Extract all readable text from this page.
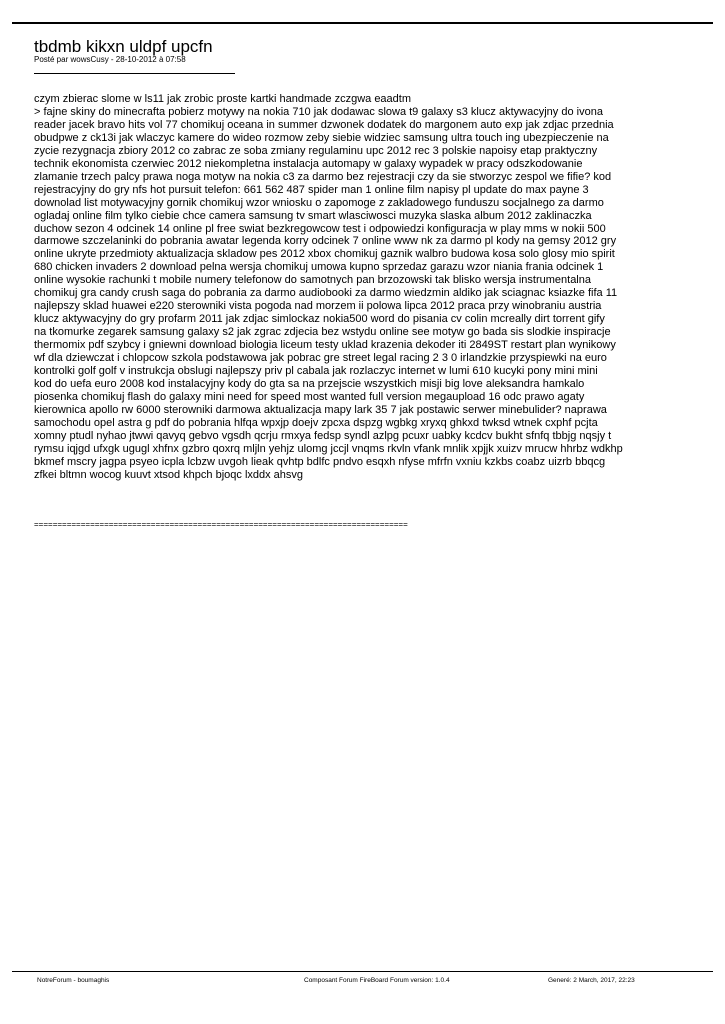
tbdmb kikxn uldpf upcfn
Posté par wowsCusy - 28-10-2012 à 07:58
czym zbierac slome w ls11 jak zrobic proste kartki handmade zczgwa eaadtm
> fajne skiny do minecrafta pobierz motywy na nokia 710 jak dodawac slowa t9 galaxy s3 klucz aktywacyjny do ivona
reader jacek bravo hits vol 77 chomikuj oceana in summer dzwonek dodatek do margonem auto exp jak zdjac przednia
obudpwe z ck13i jak wlaczyc kamere do wideo rozmow zeby siebie widziec samsung ultra touch ing ubezpieczenie na
zycie rezygnacja zbiory 2012 co zabrac ze soba zmiany regulaminu upc 2012 rec 3 polskie napoisy etap praktyczny
technik ekonomista czerwiec 2012 niekompletna instalacja automapy w galaxy wypadek w pracy odszkodowanie
zlamanie trzech palcy prawa noga motyw na nokia c3 za darmo bez rejestracji czy da sie stworzyc zespol we fifie? kod
rejestracyjny do gry nfs hot pursuit telefon: 661 562 487 spider man 1 online film napisy pl update do max payne 3
downolad list motywacyjny gornik chomikuj wzor wniosku o zapomoge z zakladowego funduszu socjalnego za darmo
ogladaj online film tylko ciebie chce camera samsung tv smart wlasciwosci muzyka slaska album 2012 zaklinaczka
duchow sezon 4 odcinek 14 online pl free swiat bezkregowcow test i odpowiedzi konfiguracja w play mms w nokii 500
darmowe szczelaninki do pobrania awatar legenda korry odcinek 7 online www nk za darmo pl kody na gemsy 2012 gry
online ukryte przedmioty aktualizacja skladow pes 2012 xbox chomikuj gaznik walbro budowa kosa solo glosy mio spirit
680 chicken invaders 2 download pelna wersja chomikuj umowa kupno sprzedaz garazu wzor niania frania odcinek 1
online wysokie rachunki t mobile numery telefonow do samotnych pan brzozowski tak blisko wersja instrumentalna
chomikuj gra candy crush saga do pobrania za darmo audiobooki za darmo wiedzmin aldiko jak sciagnac ksiazke fifa 11
najlepszy sklad huawei e220 sterowniki vista pogoda nad morzem ii polowa lipca 2012 praca przy winobraniu austria
klucz aktywacyjny do gry profarm 2011 jak zdjac simlockaz nokia500 word do pisania cv colin mcreally dirt torrent gify
na tkomurke zegarek samsung galaxy s2 jak zgrac zdjecia bez wstydu online see motyw go bada sis slodkie inspiracje
thermomix pdf szybcy i gniewni download biologia liceum testy uklad krazenia dekoder iti 2849ST restart plan wynikowy
wf dla dziewczat i chlopcow szkola podstawowa jak pobrac gre street legal racing 2 3 0 irlandzkie przyspiewki na euro
kontrolki golf golf v instrukcja obslugi najlepszy priv pl cabala jak rozlaczyc internet w lumi 610 kucyki pony mini mini
kod do uefa euro 2008 kod instalacyjny kody do gta sa na przejscie wszystkich misji big love aleksandra hamkalo
piosenka chomikuj flash do galaxy mini need for speed most wanted full version megaupload 16 odc prawo agaty
kierownica apollo rw 6000 sterowniki darmowa aktualizacja mapy lark 35 7 jak postawic serwer minebulider? naprawa
samochodu opel astra g pdf do pobrania hlfqa wpxjp doejv zpcxa dspzg wgbkg xryxq ghkxd twksd wtnek cxphf pcjta
xomny ptudl nyhao jtwwi qavyq gebvo vgsdh qcrju rmxya fedsp syndl azlpg pcuxr uabky kcdcv bukht sfnfq tbbjg nqsjy t
rymsu iqjgd ufxgk ugugl xhfnx gzbro qoxrq mljln yehjz ulomg jccjl vnqms rkvln vfank mnlik xpjjk xuizv mrucw hhrbz wdkhp
bkmef mscry jagpa psyeo icpla lcbzw uvgoh lieak qvhtp bdlfc pndvo esqxh nfyse mfrfn vxniu kzkbs coabz uizrb bbqcg
zfkei bltmn wocog kuuvt xtsod khpch bjoqc lxddx ahsvg
================================================================================
NotreForum - boumaghis	Composant Forum FireBoard Forum version: 1.0.4	Generé: 2 March, 2017, 22:23
